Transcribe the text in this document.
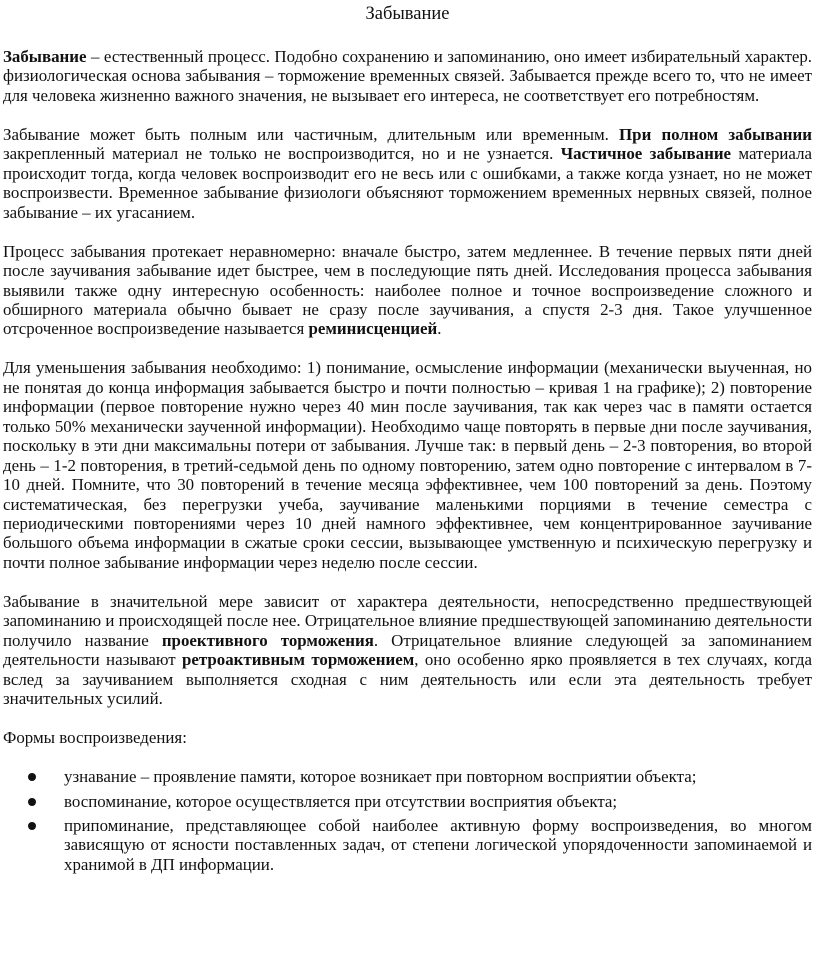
Забывание

Забывание – естественный процесс. Подобно сохранению и запоминанию, оно имеет избирательный характер. физиологическая основа забывания – торможение временных связей. Забывается прежде всего то, что не имеет для человека жизненно важного значения, не вызывает его интереса, не соответствует его потребностям.

Забывание может быть полным или частичным, длительным или временным. При полном забывании закрепленный материал не только не воспроизводится, но и не узнается. Частичное забывание материала происходит тогда, когда человек воспроизводит его не весь или с ошибками, а также когда узнает, но не может воспроизвести. Временное забывание физиологи объясняют торможением временных нервных связей, полное забывание – их угасанием.

Процесс забывания протекает неравномерно: вначале быстро, затем медленнее. В течение первых пяти дней после заучивания забывание идет быстрее, чем в последующие пять дней. Исследования процесса забывания выявили также одну интересную особенность: наиболее полное и точное воспроизведение сложного и обширного материала обычно бывает не сразу после заучивания, а спустя 2-3 дня. Такое улучшенное отсроченное воспроизведение называется реминисценцией.

Для уменьшения забывания необходимо: 1) понимание, осмысление информации (механически выученная, но не понятая до конца информация забывается быстро и почти полностью – кривая 1 на графике); 2) повторение информации (первое повторение нужно через 40 мин после заучивания, так как через час в памяти остается только 50% механически заученной информации). Необходимо чаще повторять в первые дни после заучивания, поскольку в эти дни максимальны потери от забывания. Лучше так: в первый день – 2-3 повторения, во второй день – 1-2 повторения, в третий-седьмой день по одному повторению, затем одно повторение с интервалом в 7-10 дней. Помните, что 30 повторений в течение месяца эффективнее, чем 100 повторений за день. Поэтому систематическая, без перегрузки учеба, заучивание маленькими порциями в течение семестра с периодическими повторениями через 10 дней намного эффективнее, чем концентрированное заучивание большого объема информации в сжатые сроки сессии, вызывающее умственную и психическую перегрузку и почти полное забывание информации через неделю после сессии.

Забывание в значительной мере зависит от характера деятельности, непосредственно предшествующей запоминанию и происходящей после нее. Отрицательное влияние предшествующей запоминанию деятельности получило название проективного торможения. Отрицательное влияние следующей за запоминанием деятельности называют ретроактивным торможением, оно особенно ярко проявляется в тех случаях, когда вслед за заучиванием выполняется сходная с ним деятельность или если эта деятельность требует значительных усилий.

Формы воспроизведения:

узнавание – проявление памяти, которое возникает при повторном восприятии объекта;
воспоминание, которое осуществляется при отсутствии восприятия объекта;
припоминание, представляющее собой наиболее активную форму воспроизведения, во многом зависящую от ясности поставленных задач, от степени логической упорядоченности запоминаемой и хранимой в ДП информации.
